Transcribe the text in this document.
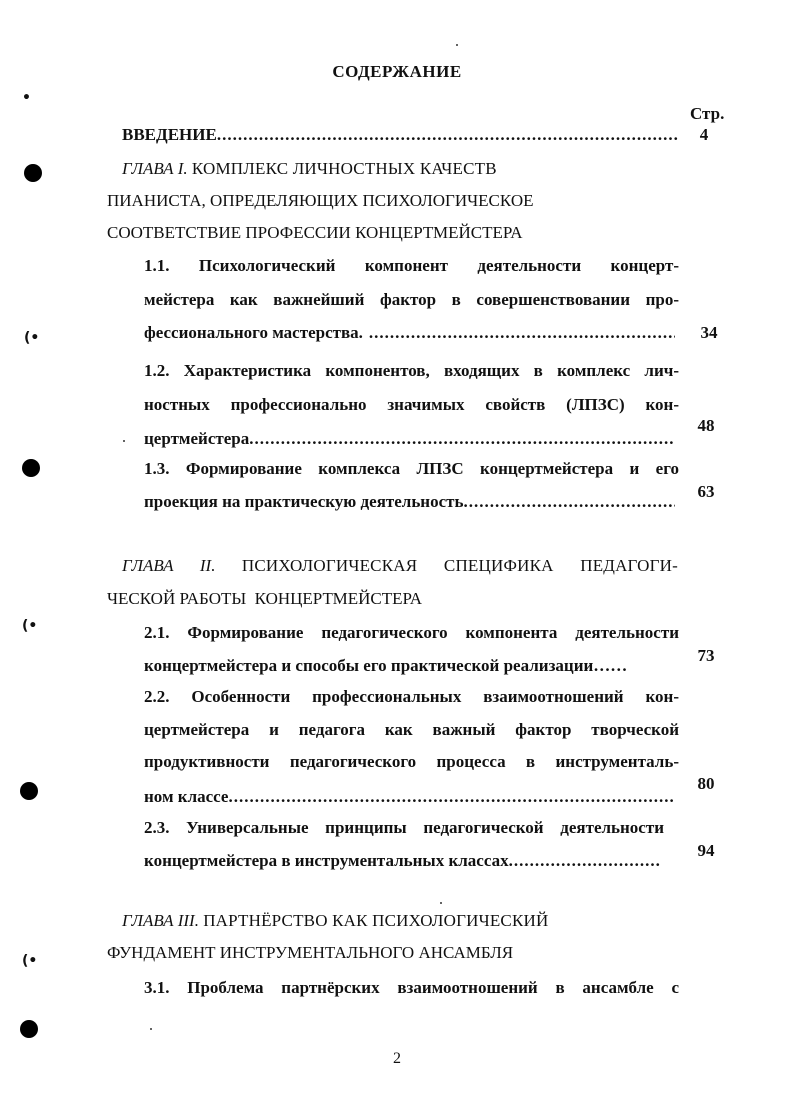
•
(•
(•
(•
СОДЕРЖАНИЕ
Стр.
ВВЕДЕНИЕ .....	4
ГЛАВА I. КОМПЛЕКС ЛИЧНОСТНЫХ КАЧЕСТВ
ПИАНИСТА, ОПРЕДЕЛЯЮЩИХ ПСИХОЛОГИЧЕСКОЕ
СООТВЕТСТВИЕ ПРОФЕССИИ КОНЦЕРТМЕЙСТЕРА
1.1. Психологический компонент деятельности концерт-
мейстера как важнейший фактор в совершенствовании про-
фессионального мастерства. .....	34
1.2. Характеристика компонентов, входящих в комплекс лич-
ностных профессионально значимых свойств (ЛПЗС) кон-
цертмейстера
.....
48
1.3. Формирование комплекса ЛПЗС концертмейстера и его
проекция на практическую деятельность
.....
63
ГЛАВА II. ПСИХОЛОГИЧЕСКАЯ СПЕЦИФИКА ПЕДАГОГИ-
ЧЕСКОЙ РАБОТЫ  КОНЦЕРТМЕЙСТЕРА
2.1. Формирование педагогического компонента деятельности
концертмейстера и способы его практической реализации……
73
2.2. Особенности профессиональных взаимоотношений кон-
цертмейстера и педагога как важный фактор творческой
продуктивности педагогического процесса в инструменталь-
ном классе
.....
80
2.3. Универсальные принципы педагогической деятельности
концертмейстера в инструментальных классах
.....
94
ГЛАВА III. ПАРТНЁРСТВО КАК ПСИХОЛОГИЧЕСКИЙ
ФУНДАМЕНТ ИНСТРУМЕНТАЛЬНОГО АНСАМБЛЯ
3.1. Проблема партнёрских взаимоотношений в ансамбле с
2
